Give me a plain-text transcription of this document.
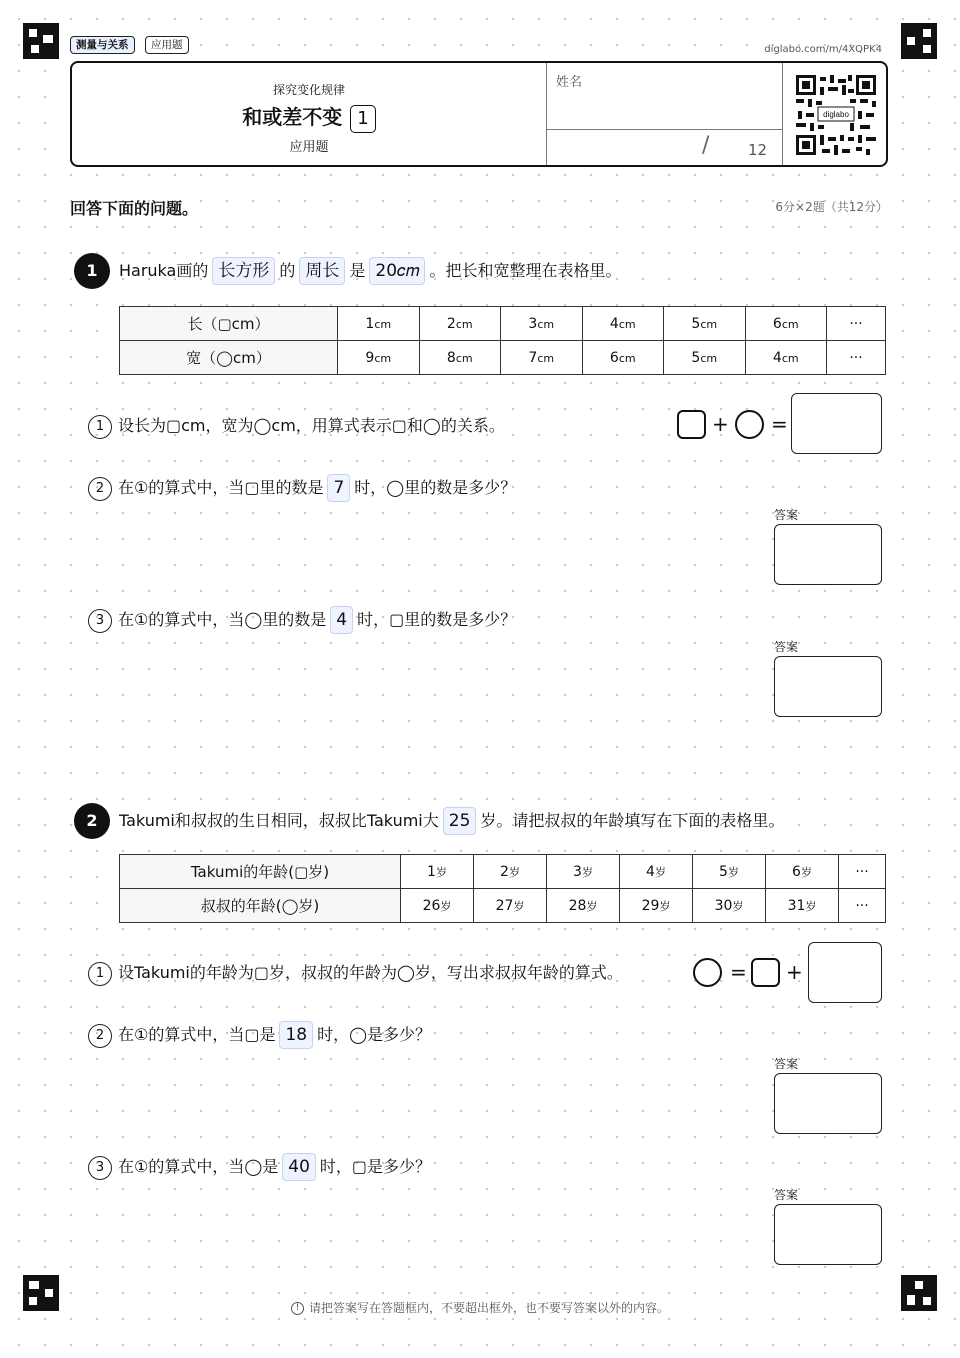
测量与关系	应用题	diglabo.com/m/4XQPK4
探究变化规律
和或差不变 1
应用题
姓名
/	12
diglabo
回答下面的问题。	6分×2题（共12分）
1	Haruka画的 长方形 的 周长 是 20𝑐𝑚 。把长和宽整理在表格里。
长（▢cm）	1cm	2cm	3cm	4cm	5cm	6cm	···
宽（◯cm）	9cm	8cm	7cm	6cm	5cm	4cm	···
1 设长为▢cm，宽为◯cm，用算式表示▢和◯的关系。	+ =
2 在①的算式中，当▢里的数是 7 时，◯里的数是多少？
答案
3 在①的算式中，当◯里的数是 4 时，▢里的数是多少？
答案
2	Takumi和叔叔的生日相同，叔叔比Takumi大 25 岁。请把叔叔的年龄填写在下面的表格里。
Takumi的年龄(▢岁)	1岁	2岁	3岁	4岁	5岁	6岁	···
叔叔的年龄(◯岁)	26岁	27岁	28岁	29岁	30岁	31岁	···
1 设Takumi的年龄为▢岁，叔叔的年龄为◯岁，写出求叔叔年龄的算式。	= +
2 在①的算式中，当▢是 18 时，◯是多少？
答案
3 在①的算式中，当◯是 40 时，▢是多少？
答案
! 请把答案写在答题框内，不要超出框外，也不要写答案以外的内容。
